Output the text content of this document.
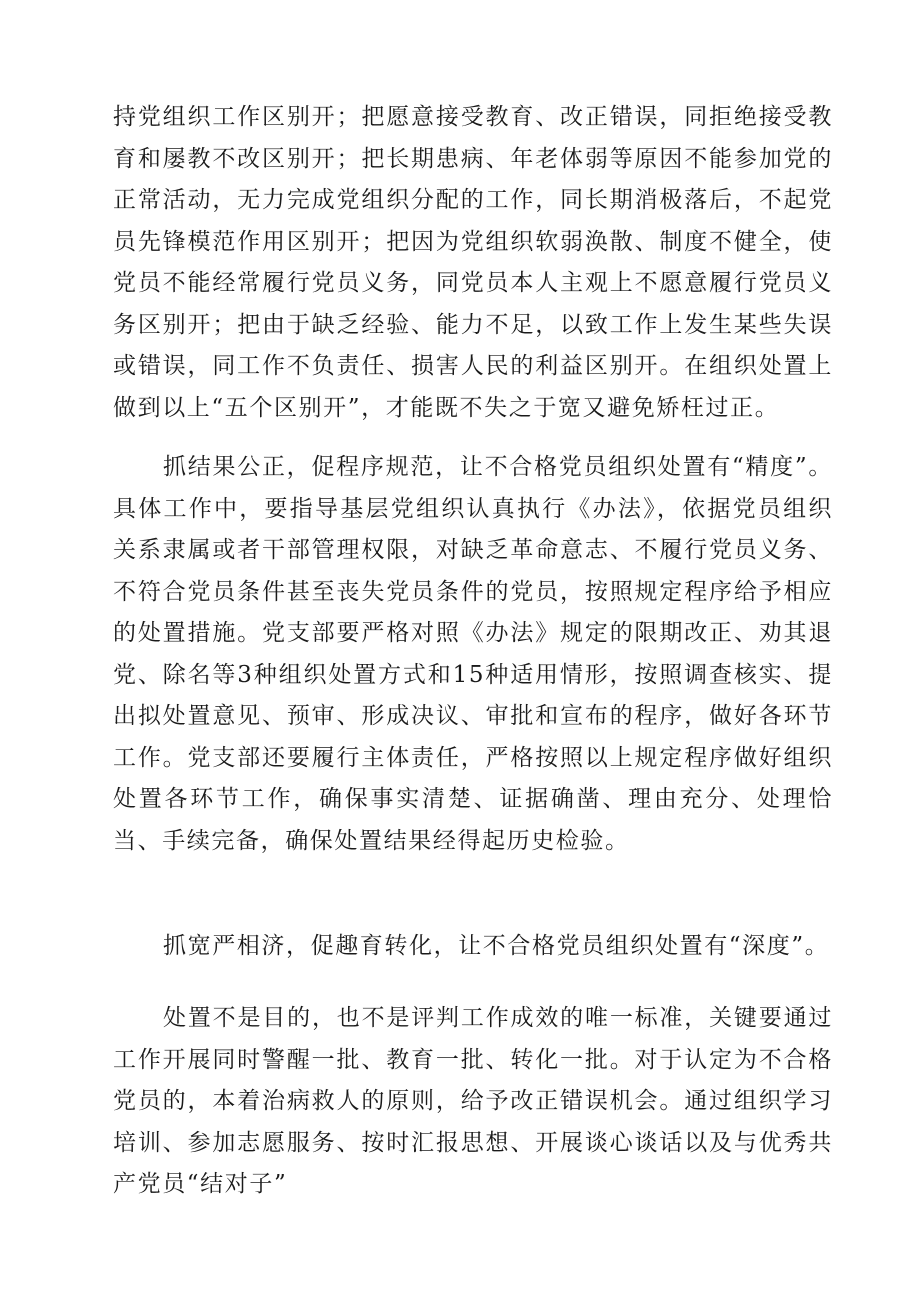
持党组织工作区别开；把愿意接受教育、改正错误，同拒绝接受教育和屡教不改区别开；把长期患病、年老体弱等原因不能参加党的正常活动，无力完成党组织分配的工作，同长期消极落后，不起党员先锋模范作用区别开；把因为党组织软弱涣散、制度不健全，使党员不能经常履行党员义务，同党员本人主观上不愿意履行党员义务区别开；把由于缺乏经验、能力不足，以致工作上发生某些失误或错误，同工作不负责任、损害人民的利益区别开。在组织处置上做到以上“五个区别开”，才能既不失之于宽又避免矫枉过正。

抓结果公正，促程序规范，让不合格党员组织处置有“精度”。具体工作中，要指导基层党组织认真执行《办法》，依据党员组织关系隶属或者干部管理权限，对缺乏革命意志、不履行党员义务、不符合党员条件甚至丧失党员条件的党员，按照规定程序给予相应的处置措施。党支部要严格对照《办法》规定的限期改正、劝其退党、除名等3种组织处置方式和15种适用情形，按照调查核实、提出拟处置意见、预审、形成决议、审批和宣布的程序，做好各环节工作。党支部还要履行主体责任，严格按照以上规定程序做好组织处置各环节工作，确保事实清楚、证据确凿、理由充分、处理恰当、手续完备，确保处置结果经得起历史检验。

抓宽严相济，促趣育转化，让不合格党员组织处置有“深度”。

处置不是目的，也不是评判工作成效的唯一标准，关键要通过工作开展同时警醒一批、教育一批、转化一批。对于认定为不合格党员的，本着治病救人的原则，给予改正错误机会。通过组织学习培训、参加志愿服务、按时汇报思想、开展谈心谈话以及与优秀共产党员“结对子”
